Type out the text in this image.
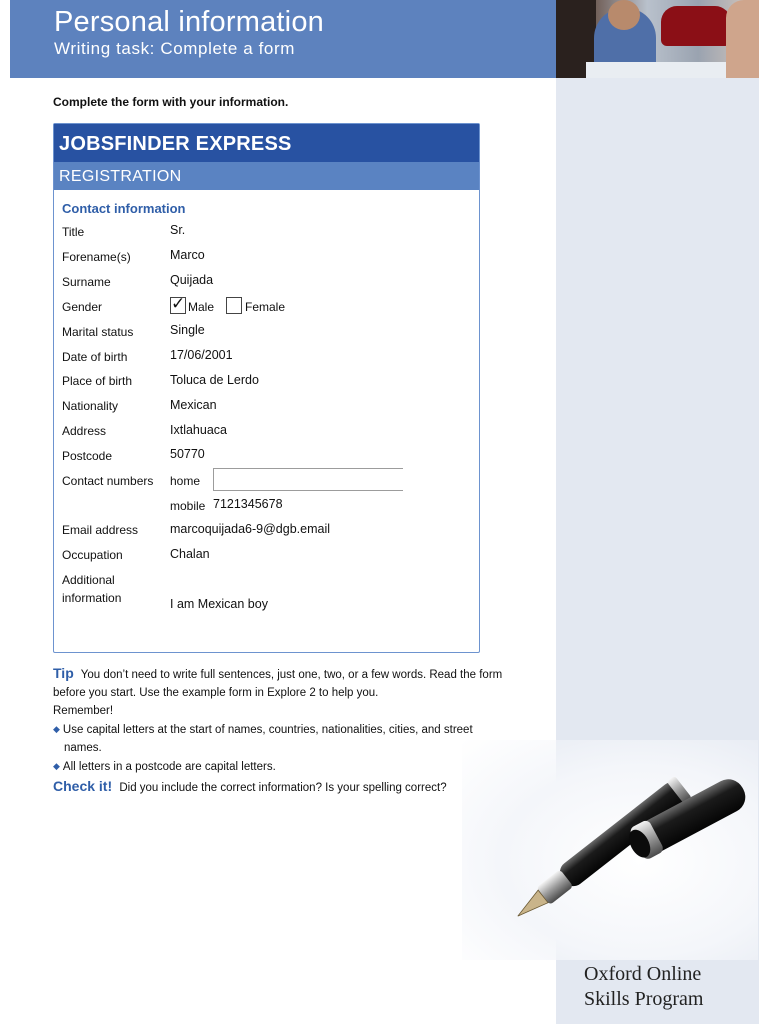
Personal information
Writing task: Complete a form
Complete the form with your information.
JOBSFINDER EXPRESS
REGISTRATION
Contact information
Title	Sr.
Forename(s)	Marco
Surname	Quijada
Gender	✓ Male	Female
Marital status	Single
Date of birth	17/06/2001
Place of birth	Toluca de Lerdo
Nationality	Mexican
Address	Ixtlahuaca
Postcode	50770
Contact numbers home
mobile 7121345678
Email address	marcoquijada6-9@dgb.email
Occupation	Chalan
Additional
information	I am Mexican boy
Tip You don’t need to write full sentences, just one, two, or a few words. Read the form
before you start. Use the example form in Explore 2 to help you.
Remember!
◆ Use capital letters at the start of names, countries, nationalities, cities, and street
names.
◆ All letters in a postcode are capital letters.
Check it! Did you include the correct information? Is your spelling correct?
Oxford Online
Skills Program
